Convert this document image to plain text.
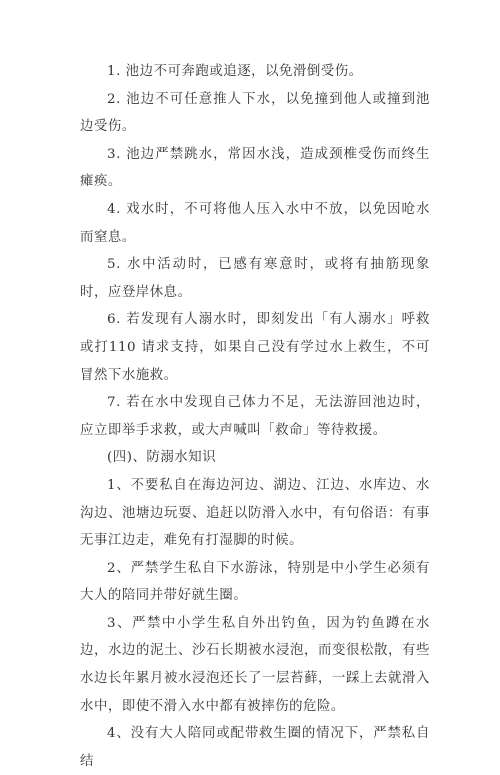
1. 池边不可奔跑或追逐，以免滑倒受伤。

2. 池边不可任意推人下水，以免撞到他人或撞到池边受伤。

3. 池边严禁跳水，常因水浅，造成颈椎受伤而终生瘫痪。

4. 戏水时，不可将他人压入水中不放，以免因呛水而窒息。

5. 水中活动时，已感有寒意时，或将有抽筋现象时，应登岸休息。

6. 若发现有人溺水时，即刻发出「有人溺水」呼救或打110 请求支持，如果自己没有学过水上救生，不可冒然下水施救。

7. 若在水中发现自己体力不足，无法游回池边时，应立即举手求救，或大声喊叫「救命」等待救援。

(四)、防溺水知识

1、不要私自在海边河边、湖边、江边、水库边、水沟边、池塘边玩耍、追赶以防滑入水中，有句俗语：有事无事江边走，难免有打湿脚的时候。

2、严禁学生私自下水游泳，特别是中小学生必须有大人的陪同并带好就生圈。

3、严禁中小学生私自外出钓鱼，因为钓鱼蹲在水边，水边的泥土、沙石长期被水浸泡，而变很松散，有些水边长年累月被水浸泡还长了一层苔藓，一踩上去就滑入水中，即使不滑入水中都有被摔伤的危险。

4、没有大人陪同或配带救生圈的情况下，严禁私自结
